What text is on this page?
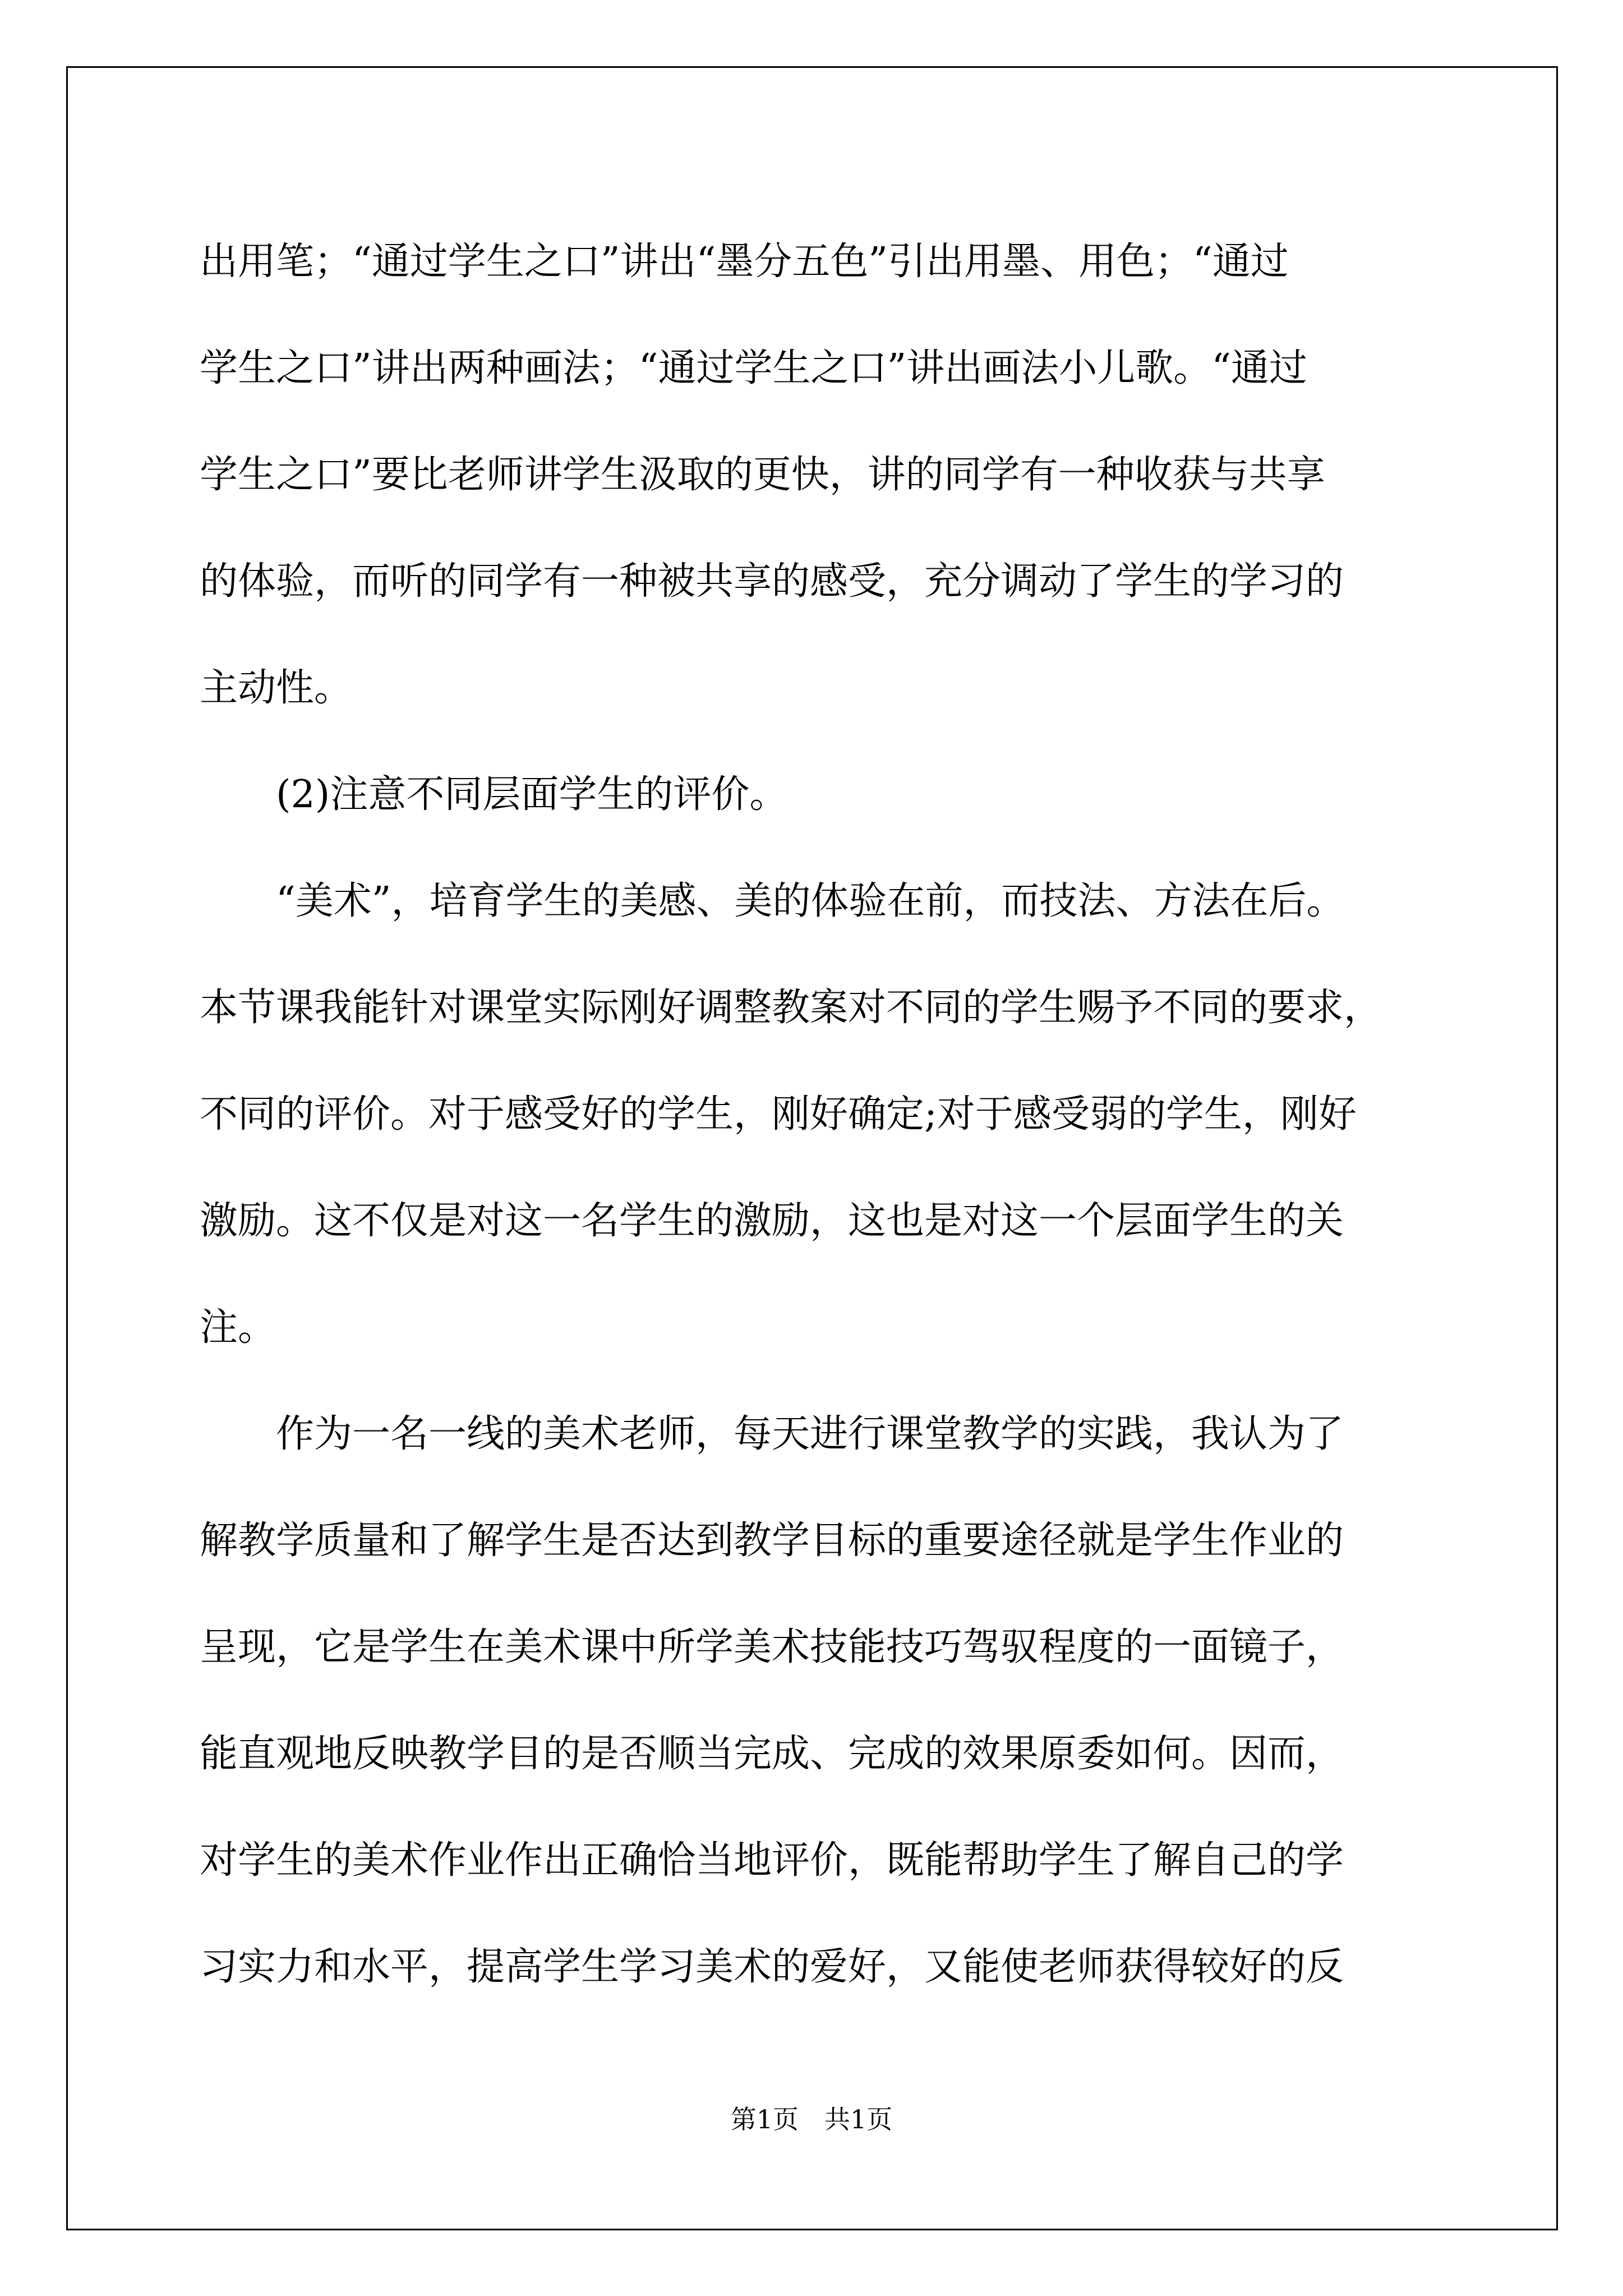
出用笔；“通过学生之口”讲出“墨分五色”引出用墨、用色；“通过
学生之口”讲出两种画法；“通过学生之口”讲出画法小儿歌。“通过
学生之口”要比老师讲学生汲取的更快，讲的同学有一种收获与共享
的体验，而听的同学有一种被共享的感受，充分调动了学生的学习的
主动性。
　　(2)注意不同层面学生的评价。
　　“美术”，培育学生的美感、美的体验在前，而技法、方法在后。
本节课我能针对课堂实际刚好调整教案对不同的学生赐予不同的要求，
不同的评价。对于感受好的学生，刚好确定;对于感受弱的学生，刚好
激励。这不仅是对这一名学生的激励，这也是对这一个层面学生的关
注。
　　作为一名一线的美术老师，每天进行课堂教学的实践，我认为了
解教学质量和了解学生是否达到教学目标的重要途径就是学生作业的
呈现，它是学生在美术课中所学美术技能技巧驾驭程度的一面镜子，
能直观地反映教学目的是否顺当完成、完成的效果原委如何。因而，
对学生的美术作业作出正确恰当地评价，既能帮助学生了解自己的学
习实力和水平，提高学生学习美术的爱好，又能使老师获得较好的反
第1页　共1页
